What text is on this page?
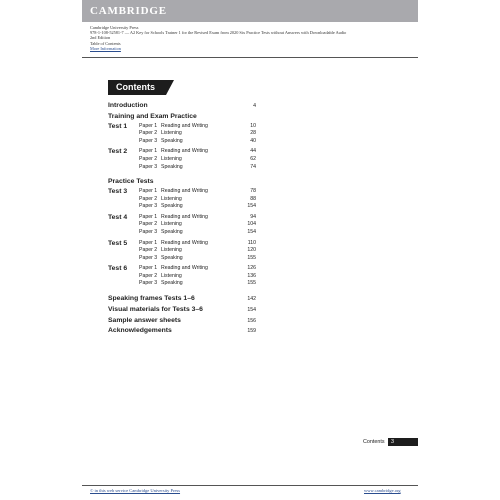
CAMBRIDGE
Cambridge University Press
978-1-108-52581-7 — A2 Key for Schools Trainer 1 for the Revised Exam from 2020 Six Practice Tests without Answers with Downloadable Audio
2nd Edition
Table of Contents
More Information
Contents
Introduction	4
Training and Exam Practice
Test 1 Paper 1 Reading and Writing	10
Paper 2 Listening	28
Paper 3 Speaking	40
Test 2 Paper 1 Reading and Writing	44
Paper 2 Listening	62
Paper 3 Speaking	74
Practice Tests
Test 3 Paper 1 Reading and Writing	78
Paper 2 Listening	88
Paper 3 Speaking	154
Test 4 Paper 1 Reading and Writing	94
Paper 2 Listening	104
Paper 3 Speaking	154
Test 5 Paper 1 Reading and Writing	110
Paper 2 Listening	120
Paper 3 Speaking	155
Test 6 Paper 1 Reading and Writing	126
Paper 2 Listening	136
Paper 3 Speaking	155
Speaking frames Tests 1–6	142
Visual materials for Tests 3–6	154
Sample answer sheets	156
Acknowledgements	159
Contents	3
© in this web service Cambridge University Press	www.cambridge.org
